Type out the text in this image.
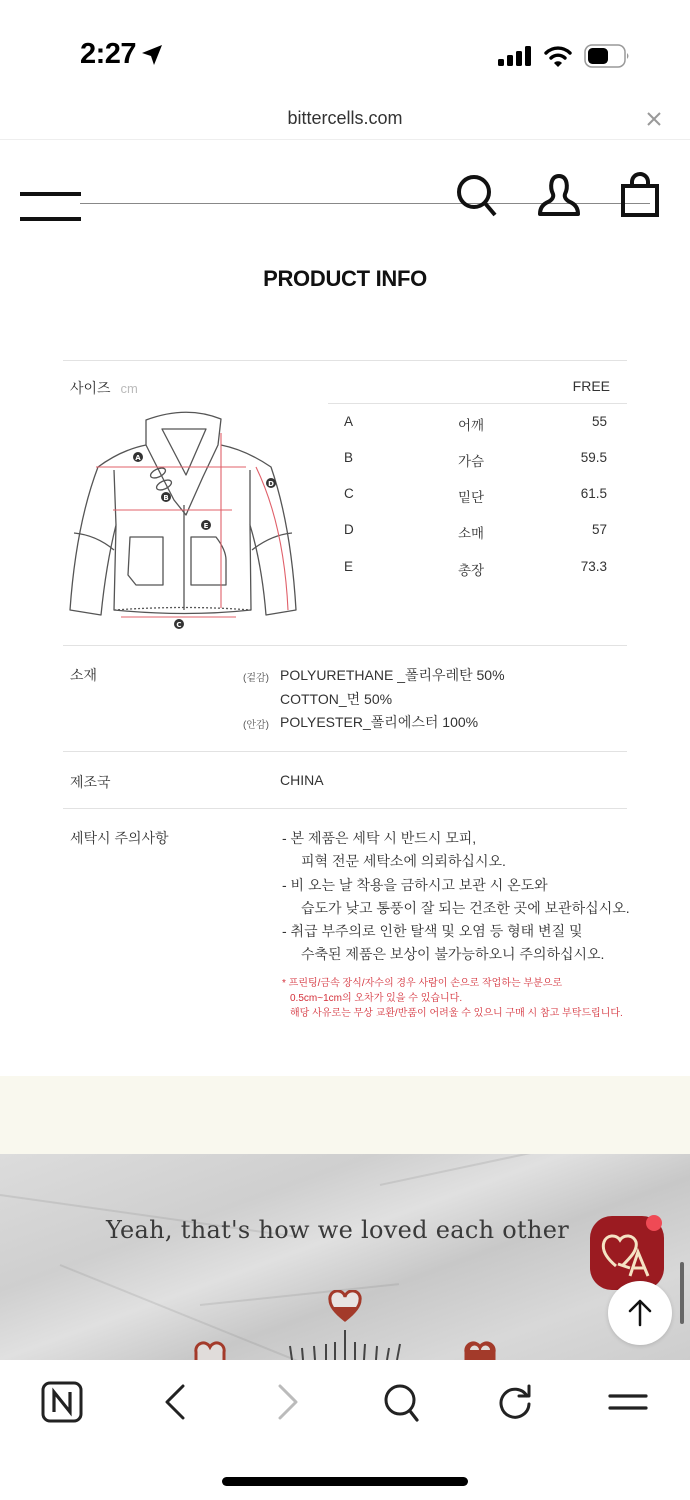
2:27
bittercells.com
PRODUCT INFO
사이즈 cm	FREE
A	어깨	55
B	가슴	59.5
C	밑단	61.5
D	소매	57
E	총장	73.3
A
B
C
D
E
소재	(겉감) POLYURETHANE _폴리우레탄 50%
COTTON_면 50%
(안감) POLYESTER_폴리에스터 100%
제조국	CHINA
세탁시 주의사항	- 본 제품은 세탁 시 반드시 모피,
피혁 전문 세탁소에 의뢰하십시오.
- 비 오는 날 착용을 금하시고 보관 시 온도와
습도가 낮고 통풍이 잘 되는 건조한 곳에 보관하십시오.
- 취급 부주의로 인한 탈색 및 오염 등 형태 변질 및
수축된 제품은 보상이 불가능하오니 주의하십시오.
* 프린팅/금속 장식/자수의 경우 사람이 손으로 작업하는 부분으로
0.5cm~1cm의 오차가 있을 수 있습니다.
해당 사유로는 무상 교환/반품이 어려울 수 있으니 구매 시 참고 부탁드립니다.
Yeah, that's how we loved each other
